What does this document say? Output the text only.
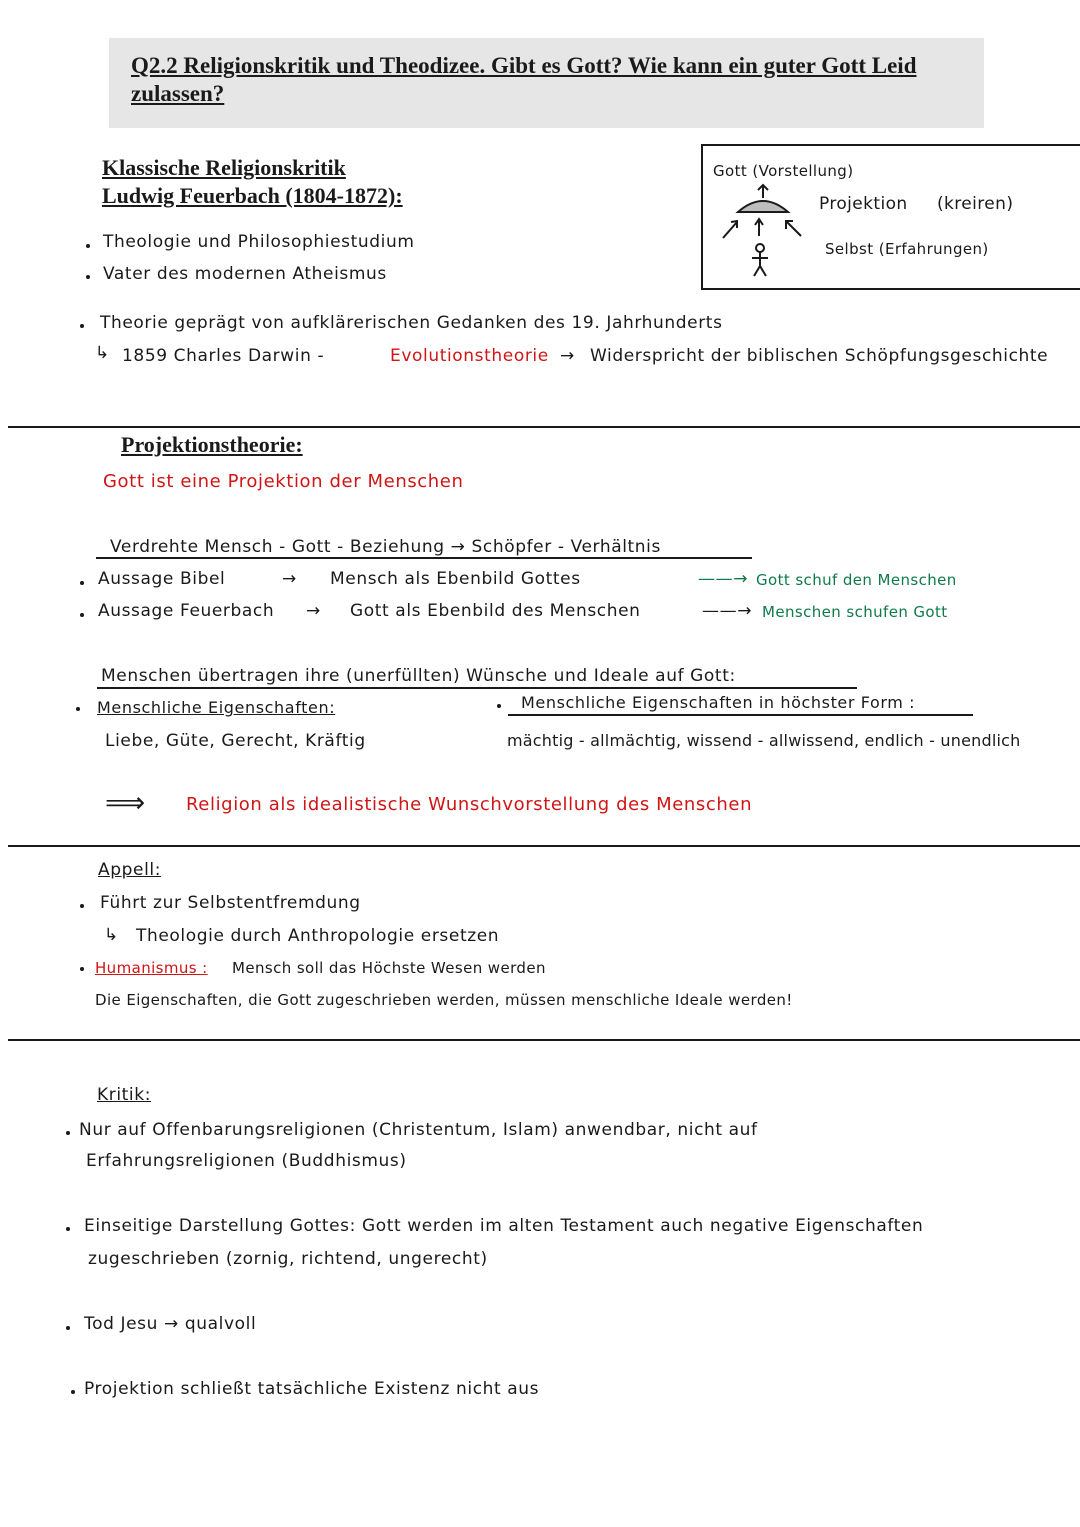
Q2.2 Religionskritik und Theodizee. Gibt es Gott? Wie kann ein guter Gott Leid zulassen?
Klassische Religionskritik
Ludwig Feuerbach (1804-1872):
Theologie und Philosophiestudium
Vater des modernen Atheismus
Theorie geprägt von aufklärerischen Gedanken des 19. Jahrhunderts
↳ 1859 Charles Darwin -	Evolutionstheorie → Widerspricht der biblischen Schöpfungsgeschichte
Gott (Vorstellung)
Projektion (kreiren)
Selbst (Erfahrungen)
Projektionstheorie:
Gott ist eine Projektion der Menschen
Verdrehte Mensch - Gott - Beziehung → Schöpfer - Verhältnis
Aussage Bibel	→ Mensch als Ebenbild Gottes	——→ Gott schuf den Menschen
Aussage Feuerbach → Gott als Ebenbild des Menschen	——→ Menschen schufen Gott
Menschen übertragen ihre (unerfüllten) Wünsche und Ideale auf Gott:
Menschliche Eigenschaften:
Liebe, Güte, Gerecht, Kräftig
Menschliche Eigenschaften in höchster Form :
mächtig - allmächtig, wissend - allwissend, endlich - unendlich
⟹ Religion als idealistische Wunschvorstellung des Menschen
Appell:
Führt zur Selbstentfremdung
↳ Theologie durch Anthropologie ersetzen
Humanismus : Mensch soll das Höchste Wesen werden
Die Eigenschaften, die Gott zugeschrieben werden, müssen menschliche Ideale werden!
Kritik:
Nur auf Offenbarungsreligionen (Christentum, Islam) anwendbar, nicht auf
Erfahrungsreligionen (Buddhismus)
Einseitige Darstellung Gottes: Gott werden im alten Testament auch negative Eigenschaften
zugeschrieben (zornig, richtend, ungerecht)
Tod Jesu → qualvoll
Projektion schließt tatsächliche Existenz nicht aus
